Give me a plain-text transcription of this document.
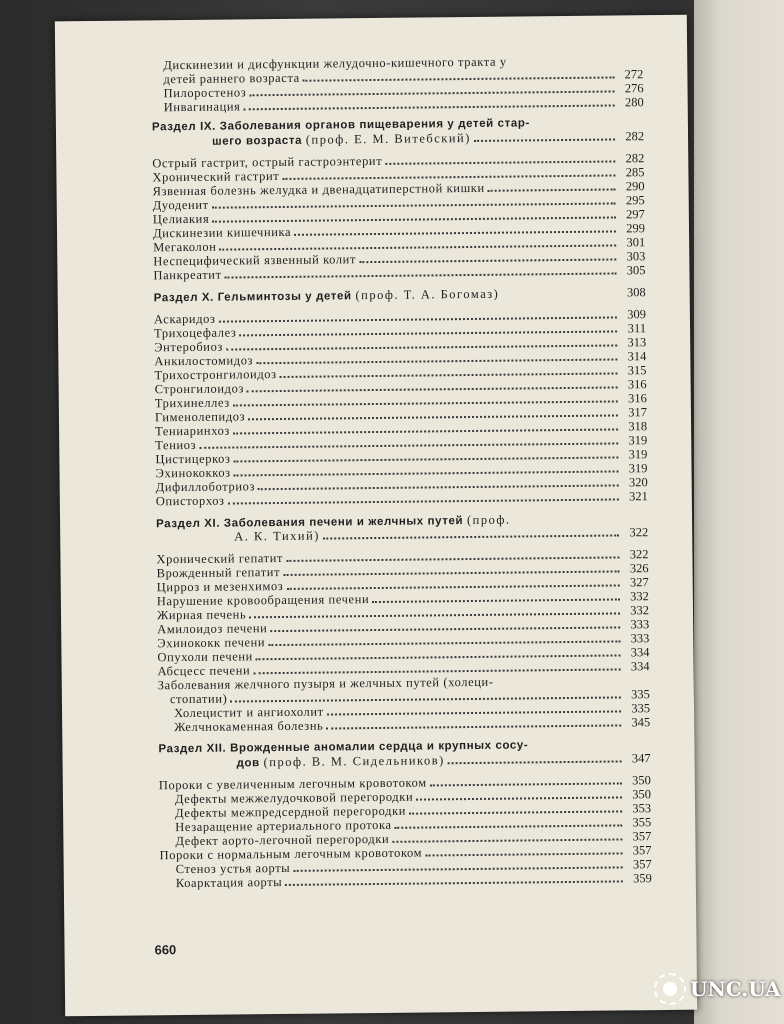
Дискинезии и дисфункции желудочно-кишечного тракта у
детей раннего возраста	272
Пилоростеноз	276
Инвагинация	280
Раздел IX. Заболевания органов пищеварения у детей стар-
шего возраста (проф. Е. М. Витебский)	282
Острый гастрит, острый гастроэнтерит	282
Хронический гастрит	285
Язвенная болезнь желудка и двенадцатиперстной кишки	290
Дуоденит	295
Целиакия	297
Дискинезии кишечника	299
Мегаколон	301
Неспецифический язвенный колит	303
Панкреатит	305
Раздел X. Гельминтозы у детей (проф. Т. А. Богомаз)	308
Аскаридоз	309
Трихоцефалез	311
Энтеробиоз	313
Анкилостомидоз	314
Трихостронгилоидоз	315
Стронгилоидоз	316
Трихинеллез	316
Гименолепидоз	317
Тениаринхоз	318
Тениоз	319
Цистицеркоз	319
Эхинококкоз	319
Дифиллоботриоз	320
Описторхоз	321
Раздел XI. Заболевания печени и желчных путей (проф.
А. К. Тихий)	322
Хронический гепатит	322
Врожденный гепатит	326
Цирроз и мезенхимоз	327
Нарушение кровообращения печени	332
Жирная печень	332
Амилоидоз печени	333
Эхинококк печени	333
Опухоли печени	334
Абсцесс печени	334
Заболевания желчного пузыря и желчных путей (холеци-
стопатии)	335
Холецистит и ангиохолит	335
Желчнокаменная болезнь	345
Раздел XII. Врожденные аномалии сердца и крупных сосу-
дов (проф. В. М. Сидельников)	347
Пороки с увеличенным легочным кровотоком	350
Дефекты межжелудочковой перегородки	350
Дефекты межпредсердной перегородки	353
Незаращение артериального протока	355
Дефект аорто-легочной перегородки	357
Пороки с нормальным легочным кровотоком	357
Стеноз устья аорты	357
Коарктация аорты	359
660
UNC.UA
